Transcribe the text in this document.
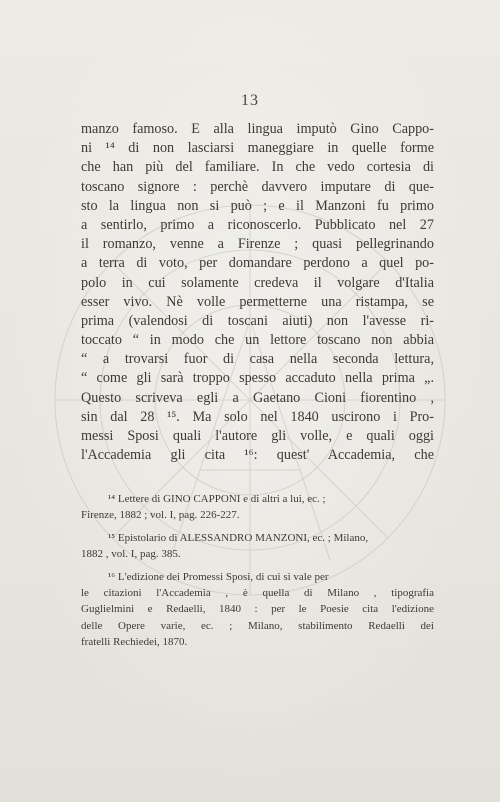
13
manzo famoso. E alla lingua imputò Gino Cappo-
ni ¹⁴ di non lasciarsi maneggiare in quelle forme
che han più del familiare. In che vedo cortesia di
toscano signore : perchè davvero imputare di que-
sto la lingua non si può ; e il Manzoni fu primo
a sentirlo, primo a riconoscerlo. Pubblicato nel 27
il romanzo, venne a Firenze ; quasi pellegrinando
a terra di voto, per domandare perdono a quel po-
polo in cui solamente credeva il volgare d'Italia
esser vivo. Nè volle permetterne una ristampa, se
prima (valendosi di toscani aiuti) non l'avesse ri-
toccato “ in modo che un lettore toscano non abbia
“ a trovarsi fuor di casa nella seconda lettura,
“ come gli sarà troppo spesso accaduto nella prima „.
Questo scriveva egli a Gaetano Cioni fiorentino ,
sin dal 28 ¹⁵. Ma solo nel 1840 uscirono i Pro-
messi Sposi quali l'autore gli volle, e quali oggi
l'Accademia gli cita ¹⁶: quest' Accademia, che
¹⁴ Lettere di GINO CAPPONI e di altri a lui, ec. ;
Firenze, 1882 ; vol. I, pag. 226-227.
¹⁵ Epistolario di ALESSANDRO MANZONI, ec. ; Milano,
1882 , vol. I, pag. 385.
¹⁶ L'edizione dei Promessi Sposi, di cui si vale per
le citazioni l'Accademia , è quella di Milano , tipografia
Guglielmini e Redaelli, 1840 : per le Poesie cita l'edizione
delle Opere varie, ec. ; Milano, stabilimento Redaelli dei
fratelli Rechiedei, 1870.
